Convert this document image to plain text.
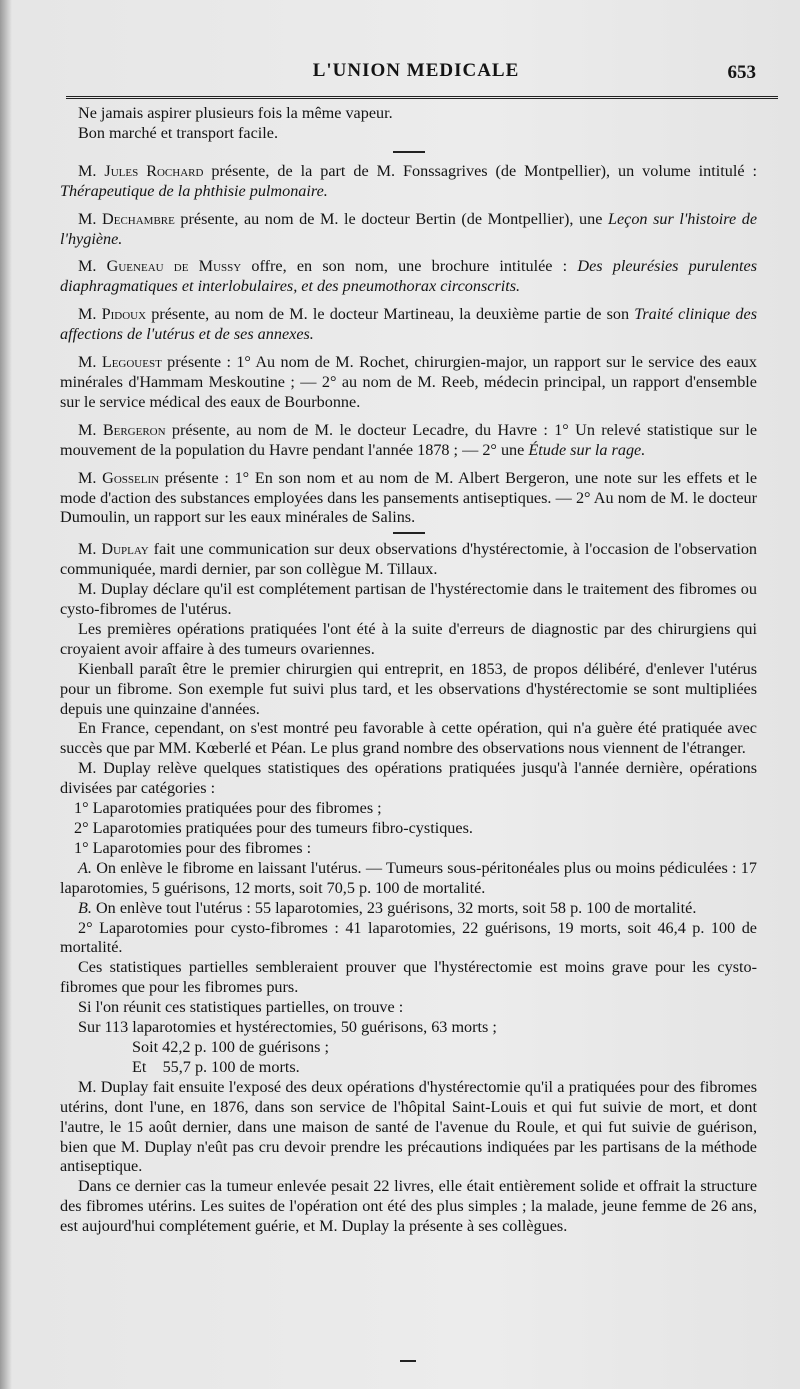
L'UNION MEDICALE	653

Ne jamais aspirer plusieurs fois la même vapeur.

Bon marché et transport facile.

M. Jules Rochard présente, de la part de M. Fonssagrives (de Montpellier), un volume intitulé : Thérapeutique de la phthisie pulmonaire.

M. Dechambre présente, au nom de M. le docteur Bertin (de Montpellier), une Leçon sur l'histoire de l'hygiène.

M. Gueneau de Mussy offre, en son nom, une brochure intitulée : Des pleurésies purulentes diaphragmatiques et interlobulaires, et des pneumothorax circonscrits.

M. Pidoux présente, au nom de M. le docteur Martineau, la deuxième partie de son Traité clinique des affections de l'utérus et de ses annexes.

M. Legouest présente : 1° Au nom de M. Rochet, chirurgien-major, un rapport sur le service des eaux minérales d'Hammam Meskoutine ; — 2° au nom de M. Reeb, médecin principal, un rapport d'ensemble sur le service médical des eaux de Bourbonne.

M. Bergeron présente, au nom de M. le docteur Lecadre, du Havre : 1° Un relevé statistique sur le mouvement de la population du Havre pendant l'année 1878 ; — 2° une Étude sur la rage.

M. Gosselin présente : 1° En son nom et au nom de M. Albert Bergeron, une note sur les effets et le mode d'action des substances employées dans les pansements antiseptiques. — 2° Au nom de M. le docteur Dumoulin, un rapport sur les eaux minérales de Salins.

M. Duplay fait une communication sur deux observations d'hystérectomie, à l'occasion de l'observation communiquée, mardi dernier, par son collègue M. Tillaux.

M. Duplay déclare qu'il est complétement partisan de l'hystérectomie dans le traitement des fibromes ou cysto-fibromes de l'utérus.

Les premières opérations pratiquées l'ont été à la suite d'erreurs de diagnostic par des chirurgiens qui croyaient avoir affaire à des tumeurs ovariennes.

Kienball paraît être le premier chirurgien qui entreprit, en 1853, de propos délibéré, d'enlever l'utérus pour un fibrome. Son exemple fut suivi plus tard, et les observations d'hystérectomie se sont multipliées depuis une quinzaine d'années.

En France, cependant, on s'est montré peu favorable à cette opération, qui n'a guère été pratiquée avec succès que par MM. Kœberlé et Péan. Le plus grand nombre des observations nous viennent de l'étranger.

M. Duplay relève quelques statistiques des opérations pratiquées jusqu'à l'année dernière, opérations divisées par catégories :

1° Laparotomies pratiquées pour des fibromes ;

2° Laparotomies pratiquées pour des tumeurs fibro-cystiques.

1° Laparotomies pour des fibromes :

A. On enlève le fibrome en laissant l'utérus. — Tumeurs sous-péritonéales plus ou moins pédiculées : 17 laparotomies, 5 guérisons, 12 morts, soit 70,5 p. 100 de mortalité.

B. On enlève tout l'utérus : 55 laparotomies, 23 guérisons, 32 morts, soit 58 p. 100 de mortalité.

2° Laparotomies pour cysto-fibromes : 41 laparotomies, 22 guérisons, 19 morts, soit 46,4 p. 100 de mortalité.

Ces statistiques partielles sembleraient prouver que l'hystérectomie est moins grave pour les cysto-fibromes que pour les fibromes purs.

Si l'on réunit ces statistiques partielles, on trouve :

Sur 113 laparotomies et hystérectomies, 50 guérisons, 63 morts ;

Soit 42,2 p. 100 de guérisons ;

Et    55,7 p. 100 de morts.

M. Duplay fait ensuite l'exposé des deux opérations d'hystérectomie qu'il a pratiquées pour des fibromes utérins, dont l'une, en 1876, dans son service de l'hôpital Saint-Louis et qui fut suivie de mort, et dont l'autre, le 15 août dernier, dans une maison de santé de l'avenue du Roule, et qui fut suivie de guérison, bien que M. Duplay n'eût pas cru devoir prendre les précautions indiquées par les partisans de la méthode antiseptique.

Dans ce dernier cas la tumeur enlevée pesait 22 livres, elle était entièrement solide et offrait la structure des fibromes utérins. Les suites de l'opération ont été des plus simples ; la malade, jeune femme de 26 ans, est aujourd'hui complétement guérie, et M. Duplay la présente à ses collègues.
